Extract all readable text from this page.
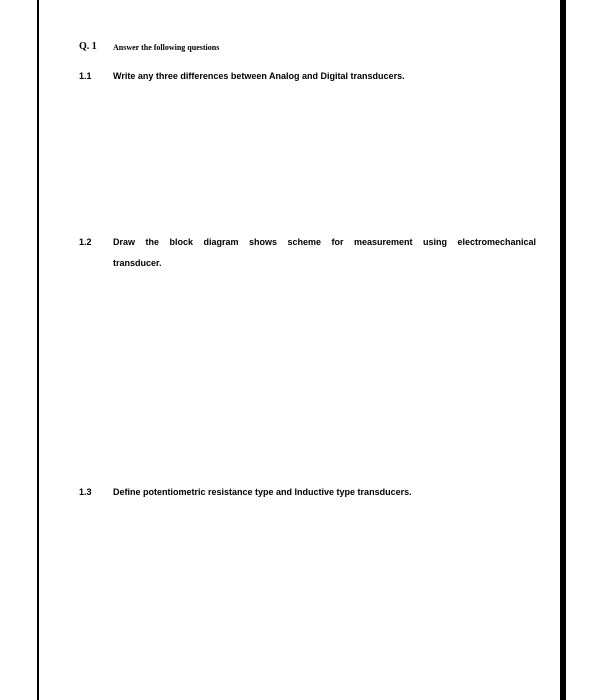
Q. 1 Answer the following questions
1.1 Write any three differences between Analog and Digital transducers.
1.2 Draw the block diagram shows scheme for measurement using electromechanical
transducer.
1.3 Define potentiometric resistance type and Inductive type transducers.
